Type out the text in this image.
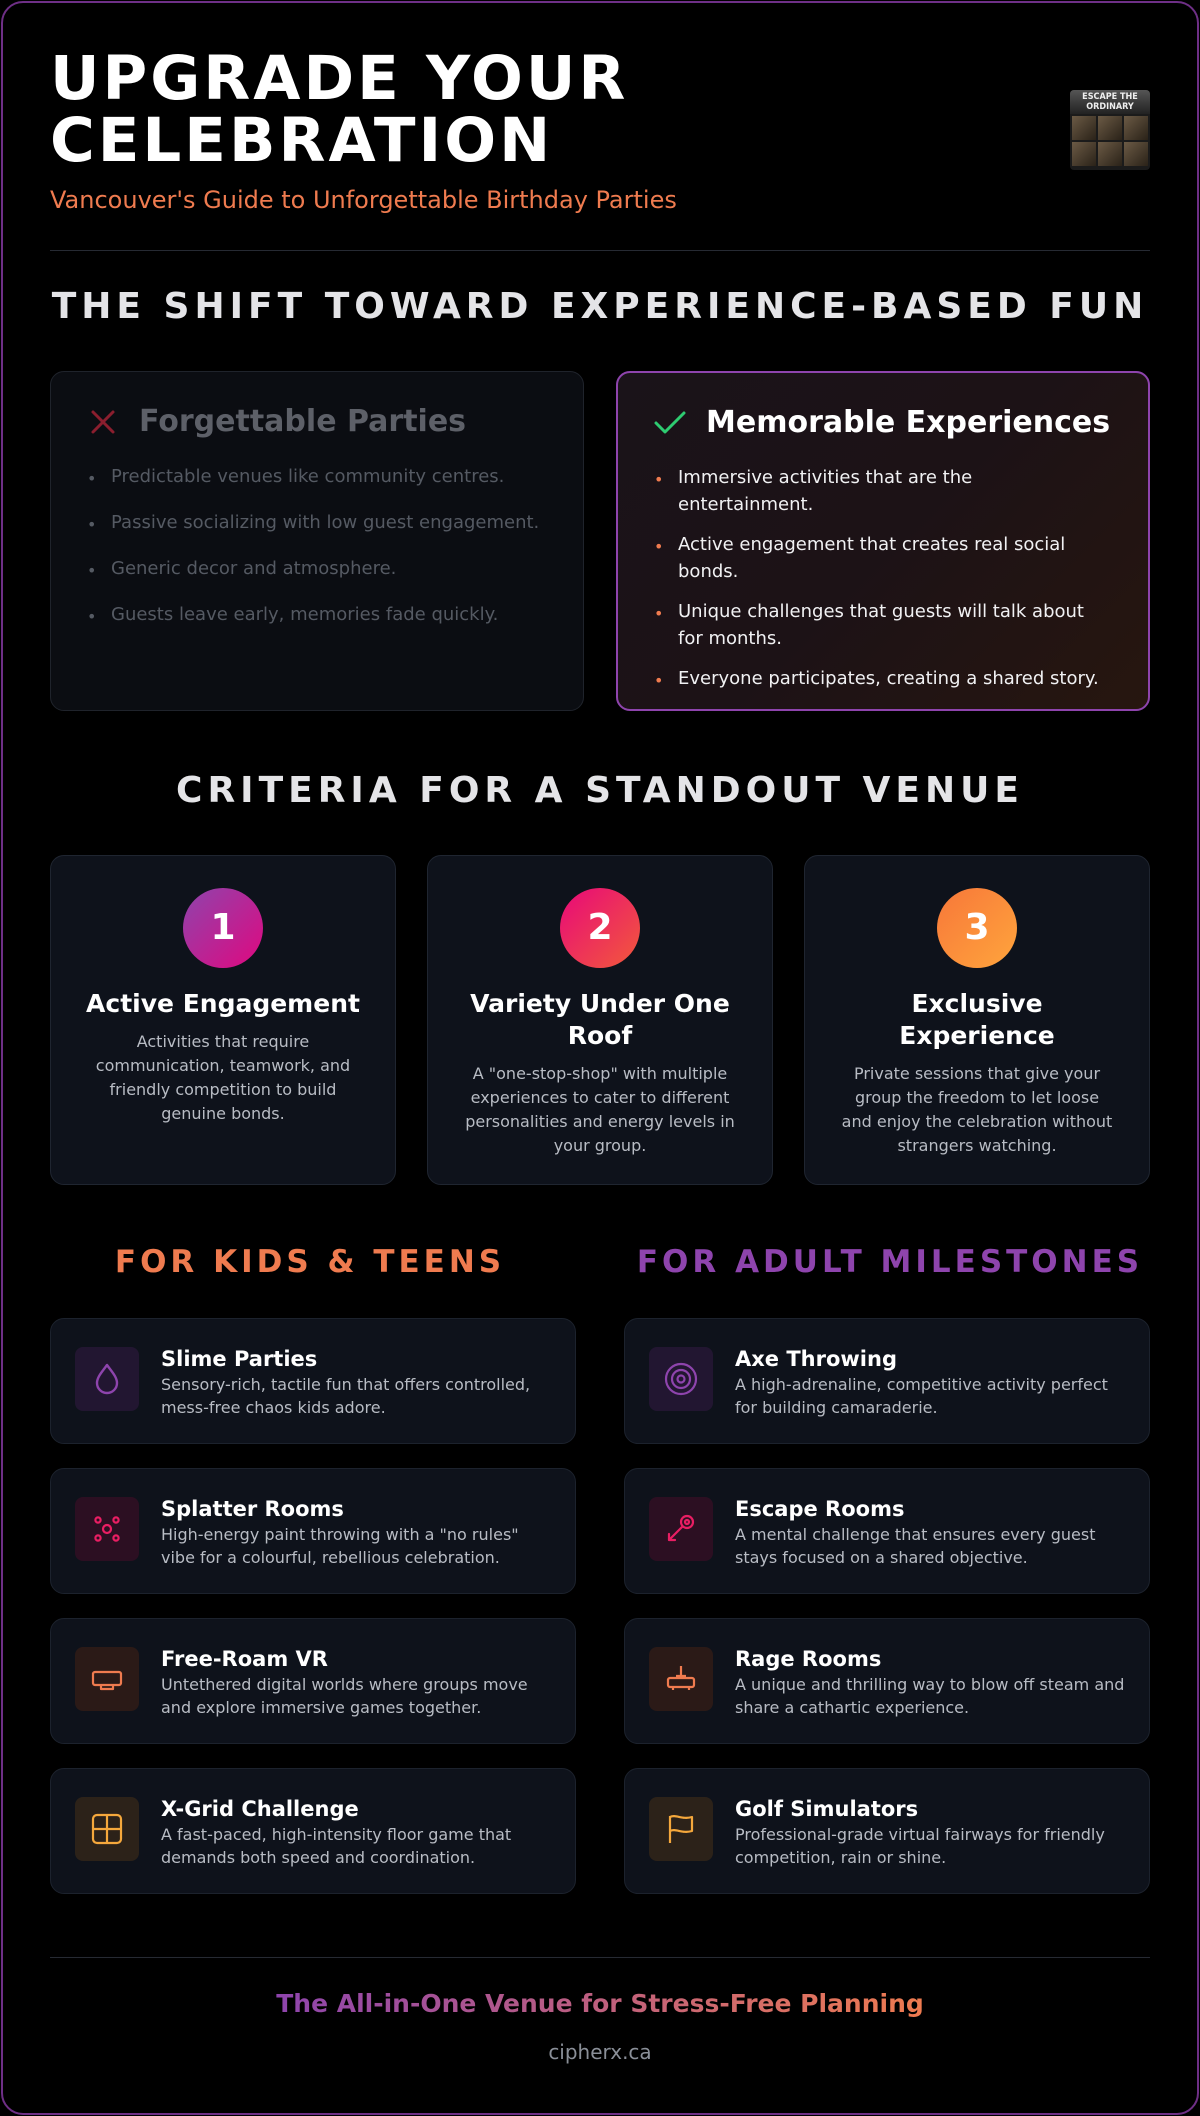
UPGRADE YOUR CELEBRATION
Vancouver's Guide to Unforgettable Birthday Parties
ESCAPE THE ORDINARY
THE SHIFT TOWARD EXPERIENCE-BASED FUN
Forgettable Parties
• Predictable venues like community centres.
• Passive socializing with low guest engagement.
• Generic decor and atmosphere.
• Guests leave early, memories fade quickly.
Memorable Experiences
• Immersive activities that are the entertainment.
• Active engagement that creates real social bonds.
• Unique challenges that guests will talk about for months.
• Everyone participates, creating a shared story.
CRITERIA FOR A STANDOUT VENUE
1
Active Engagement
Activities that require communication, teamwork, and friendly competition to build genuine bonds.
2
Variety Under One Roof
A "one-stop-shop" with multiple experiences to cater to different personalities and energy levels in your group.
3
Exclusive Experience
Private sessions that give your group the freedom to let loose and enjoy the celebration without strangers watching.
FOR KIDS & TEENS	FOR ADULT MILESTONES
Slime Parties
Sensory-rich, tactile fun that offers controlled, mess-free chaos kids adore.
Splatter Rooms
High-energy paint throwing with a "no rules" vibe for a colourful, rebellious celebration.
Free-Roam VR
Untethered digital worlds where groups move and explore immersive games together.
X-Grid Challenge
A fast-paced, high-intensity floor game that demands both speed and coordination.
Axe Throwing
A high-adrenaline, competitive activity perfect for building camaraderie.
Escape Rooms
A mental challenge that ensures every guest stays focused on a shared objective.
Rage Rooms
A unique and thrilling way to blow off steam and share a cathartic experience.
Golf Simulators
Professional-grade virtual fairways for friendly competition, rain or shine.
The All-in-One Venue for Stress-Free Planning
cipherx.ca
